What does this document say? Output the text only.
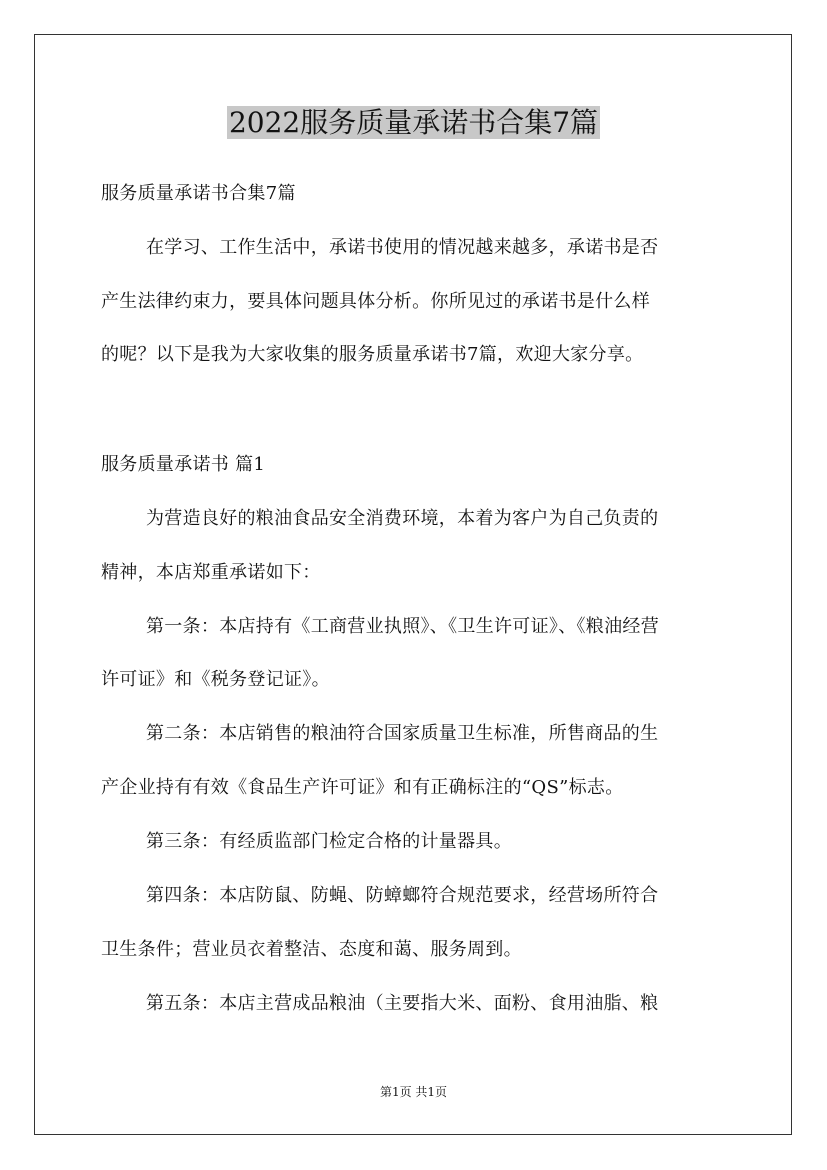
2022服务质量承诺书合集7篇
服务质量承诺书合集7篇
在学习、工作生活中，承诺书使用的情况越来越多，承诺书是否
产生法律约束力，要具体问题具体分析。你所见过的承诺书是什么样
的呢？以下是我为大家收集的服务质量承诺书7篇，欢迎大家分享。
服务质量承诺书 篇1
为营造良好的粮油食品安全消费环境，本着为客户为自己负责的
精神，本店郑重承诺如下：
第一条：本店持有《工商营业执照》、《卫生许可证》、《粮油经营
许可证》和《税务登记证》。
第二条：本店销售的粮油符合国家质量卫生标准，所售商品的生
产企业持有有效《食品生产许可证》和有正确标注的“QS”标志。
第三条：有经质监部门检定合格的计量器具。
第四条：本店防鼠、防蝇、防蟑螂符合规范要求，经营场所符合
卫生条件；营业员衣着整洁、态度和蔼、服务周到。
第五条：本店主营成品粮油（主要指大米、面粉、食用油脂、粮
第1页 共1页
